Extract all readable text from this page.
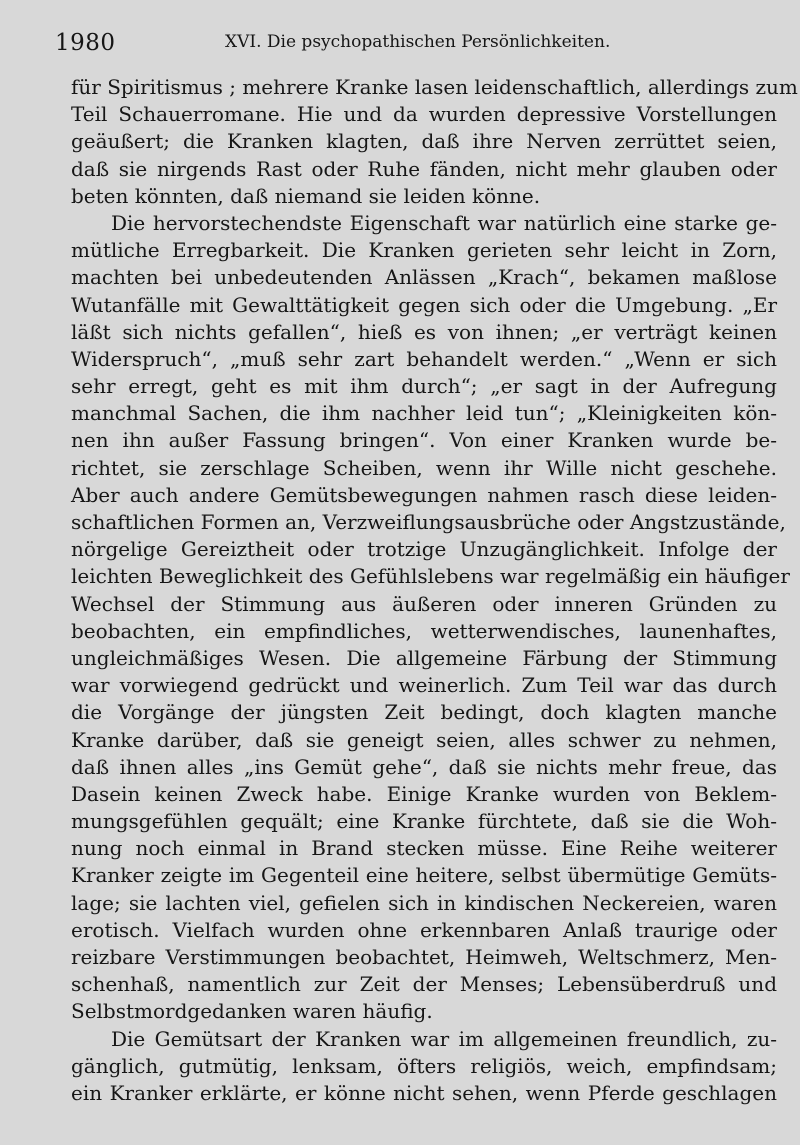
1980	XVI. Die psychopathischen Persönlichkeiten.
für Spiritismus ; mehrere Kranke lasen leidenschaftlich, allerdings zum
Teil Schauerromane. Hie und da wurden depressive Vorstellungen
geäußert; die Kranken klagten, daß ihre Nerven zerrüttet seien,
daß sie nirgends Rast oder Ruhe fänden, nicht mehr glauben oder
beten könnten, daß niemand sie leiden könne.
Die hervorstechendste Eigenschaft war natürlich eine starke ge-
mütliche Erregbarkeit. Die Kranken gerieten sehr leicht in Zorn,
machten bei unbedeutenden Anlässen „Krach“, bekamen maßlose
Wutanfälle mit Gewalttätigkeit gegen sich oder die Umgebung. „Er
läßt sich nichts gefallen“, hieß es von ihnen; „er verträgt keinen
Widerspruch“, „muß sehr zart behandelt werden.“ „Wenn er sich
sehr erregt, geht es mit ihm durch“; „er sagt in der Aufregung
manchmal Sachen, die ihm nachher leid tun“; „Kleinigkeiten kön-
nen ihn außer Fassung bringen“. Von einer Kranken wurde be-
richtet, sie zerschlage Scheiben, wenn ihr Wille nicht geschehe.
Aber auch andere Gemütsbewegungen nahmen rasch diese leiden-
schaftlichen Formen an, Verzweiflungsausbrüche oder Angstzustände,
nörgelige Gereiztheit oder trotzige Unzugänglichkeit. Infolge der
leichten Beweglichkeit des Gefühlslebens war regelmäßig ein häufiger
Wechsel der Stimmung aus äußeren oder inneren Gründen zu
beobachten, ein empfindliches, wetterwendisches, launenhaftes,
ungleichmäßiges Wesen. Die allgemeine Färbung der Stimmung
war vorwiegend gedrückt und weinerlich. Zum Teil war das durch
die Vorgänge der jüngsten Zeit bedingt, doch klagten manche
Kranke darüber, daß sie geneigt seien, alles schwer zu nehmen,
daß ihnen alles „ins Gemüt gehe“, daß sie nichts mehr freue, das
Dasein keinen Zweck habe. Einige Kranke wurden von Beklem-
mungsgefühlen gequält; eine Kranke fürchtete, daß sie die Woh-
nung noch einmal in Brand stecken müsse. Eine Reihe weiterer
Kranker zeigte im Gegenteil eine heitere, selbst übermütige Gemüts-
lage; sie lachten viel, gefielen sich in kindischen Neckereien, waren
erotisch. Vielfach wurden ohne erkennbaren Anlaß traurige oder
reizbare Verstimmungen beobachtet, Heimweh, Weltschmerz, Men-
schenhaß, namentlich zur Zeit der Menses; Lebensüberdruß und
Selbstmordgedanken waren häufig.
Die Gemütsart der Kranken war im allgemeinen freundlich, zu-
gänglich, gutmütig, lenksam, öfters religiös, weich, empfindsam;
ein Kranker erklärte, er könne nicht sehen, wenn Pferde geschlagen
